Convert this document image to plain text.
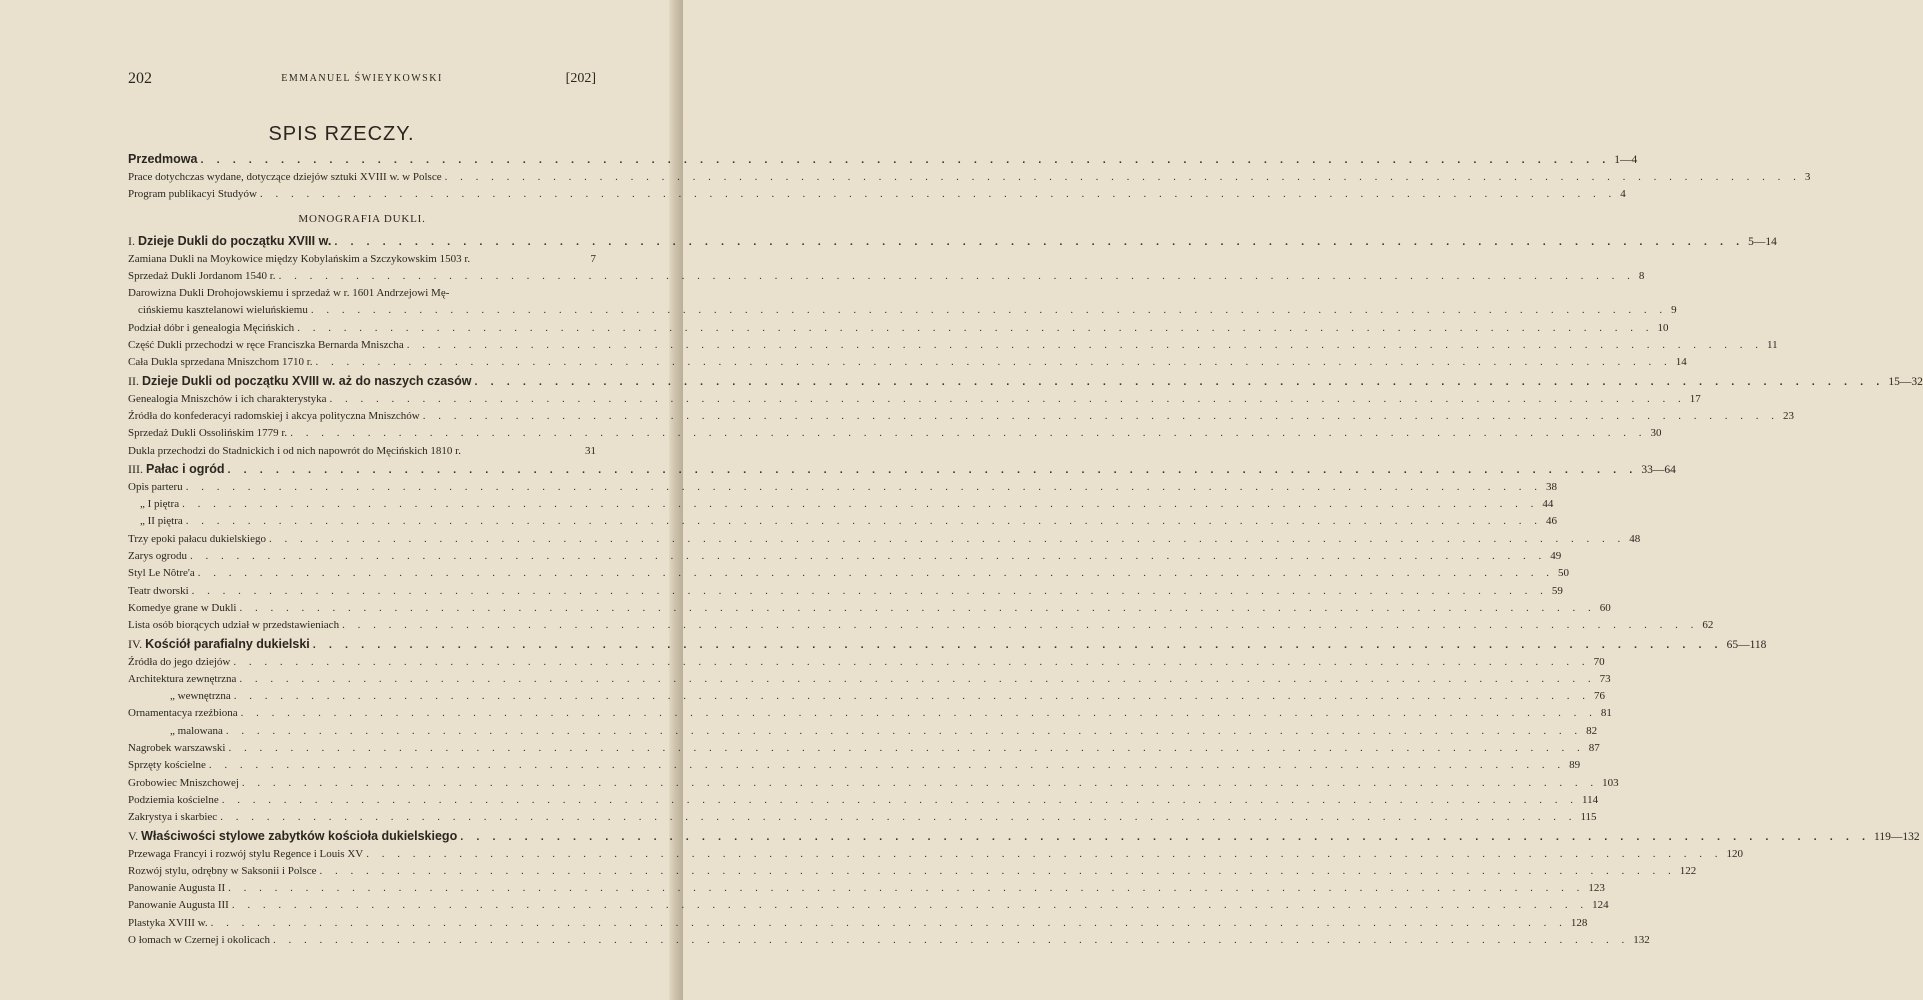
202	EMMANUEL ŚWIEYKOWSKI	[202]
SPIS RZECZY.
Przedmowa . . . . . . . . . . . . . . . . . . . . . . . . . . . . . . . . . . . . . . . . . . . . . . . . . . . . . . . . . . . . . . . . . . . . . . . . . . . . . . . . . . . . . . . . 1—4
Prace dotychczas wydane, dotyczące dziejów sztuki XVIII w. w Polsce . . . . . . . . . . . . . . . . . . . . . . . . . . . . . . . . . . . . . . . . . . . . . . . . . . . . . . . . . . . . . . . . . . . . . . . . . . . . . . . . . . . . . . . . 3
Program publikacyi Studyów . . . . . . . . . . . . . . . . . . . . . . . . . . . . . . . . . . . . . . . . . . . . . . . . . . . . . . . . . . . . . . . . . . . . . . . . . . . . . . . . . . . . . . . . 4
MONOGRAFIA DUKLI.
I. Dzieje Dukli do początku XVIII w. . . . . . . . . . . . . . . . . . . . . . . . . . . . . . . . . . . . . . . . . . . . . . . . . . . . . . . . . . . . . . . . . . . . . . . . . . . . . . . . . . . . . . . . . 5—14
Zamiana Dukli na Moykowice między Kobylańskim a Szczykowskim 1503 r.	7
Sprzedaż Dukli Jordanom 1540 r. . . . . . . . . . . . . . . . . . . . . . . . . . . . . . . . . . . . . . . . . . . . . . . . . . . . . . . . . . . . . . . . . . . . . . . . . . . . . . . . . . . . . . . . . 8
Darowizna Dukli Drohojowskiemu i sprzedaż w r. 1601 Andrzejowi Mę-
cińskiemu kasztelanowi wieluńskiemu . . . . . . . . . . . . . . . . . . . . . . . . . . . . . . . . . . . . . . . . . . . . . . . . . . . . . . . . . . . . . . . . . . . . . . . . . . . . . . . . . . . . . . . . 9
Podział dóbr i genealogia Męcińskich . . . . . . . . . . . . . . . . . . . . . . . . . . . . . . . . . . . . . . . . . . . . . . . . . . . . . . . . . . . . . . . . . . . . . . . . . . . . . . . . . . . . . . . . 10
Część Dukli przechodzi w ręce Franciszka Bernarda Mniszcha . . . . . . . . . . . . . . . . . . . . . . . . . . . . . . . . . . . . . . . . . . . . . . . . . . . . . . . . . . . . . . . . . . . . . . . . . . . . . . . . . . . . . . . . 11
Cała Dukla sprzedana Mniszchom 1710 r. . . . . . . . . . . . . . . . . . . . . . . . . . . . . . . . . . . . . . . . . . . . . . . . . . . . . . . . . . . . . . . . . . . . . . . . . . . . . . . . . . . . . . . . . 14
II. Dzieje Dukli od początku XVIII w. aż do naszych czasów . . . . . . . . . . . . . . . . . . . . . . . . . . . . . . . . . . . . . . . . . . . . . . . . . . . . . . . . . . . . . . . . . . . . . . . . . . . . . . . . . . . . . . . . 15—32
Genealogia Mniszchów i ich charakterystyka . . . . . . . . . . . . . . . . . . . . . . . . . . . . . . . . . . . . . . . . . . . . . . . . . . . . . . . . . . . . . . . . . . . . . . . . . . . . . . . . . . . . . . . . 17
Źródła do konfederacyi radomskiej i akcya polityczna Mniszchów . . . . . . . . . . . . . . . . . . . . . . . . . . . . . . . . . . . . . . . . . . . . . . . . . . . . . . . . . . . . . . . . . . . . . . . . . . . . . . . . . . . . . . . . 23
Sprzedaż Dukli Ossolińskim 1779 r. . . . . . . . . . . . . . . . . . . . . . . . . . . . . . . . . . . . . . . . . . . . . . . . . . . . . . . . . . . . . . . . . . . . . . . . . . . . . . . . . . . . . . . . . 30
Dukla przechodzi do Stadnickich i od nich napowrót do Męcińskich 1810 r.	31
III. Pałac i ogród . . . . . . . . . . . . . . . . . . . . . . . . . . . . . . . . . . . . . . . . . . . . . . . . . . . . . . . . . . . . . . . . . . . . . . . . . . . . . . . . . . . . . . . . 33—64
Opis parteru . . . . . . . . . . . . . . . . . . . . . . . . . . . . . . . . . . . . . . . . . . . . . . . . . . . . . . . . . . . . . . . . . . . . . . . . . . . . . . . . . . . . . . . . 38
„ I piętra . . . . . . . . . . . . . . . . . . . . . . . . . . . . . . . . . . . . . . . . . . . . . . . . . . . . . . . . . . . . . . . . . . . . . . . . . . . . . . . . . . . . . . . . 44
„ II piętra . . . . . . . . . . . . . . . . . . . . . . . . . . . . . . . . . . . . . . . . . . . . . . . . . . . . . . . . . . . . . . . . . . . . . . . . . . . . . . . . . . . . . . . . 46
Trzy epoki pałacu dukielskiego . . . . . . . . . . . . . . . . . . . . . . . . . . . . . . . . . . . . . . . . . . . . . . . . . . . . . . . . . . . . . . . . . . . . . . . . . . . . . . . . . . . . . . . . 48
Zarys ogrodu . . . . . . . . . . . . . . . . . . . . . . . . . . . . . . . . . . . . . . . . . . . . . . . . . . . . . . . . . . . . . . . . . . . . . . . . . . . . . . . . . . . . . . . . 49
Styl Le Nôtre'a . . . . . . . . . . . . . . . . . . . . . . . . . . . . . . . . . . . . . . . . . . . . . . . . . . . . . . . . . . . . . . . . . . . . . . . . . . . . . . . . . . . . . . . . 50
Teatr dworski . . . . . . . . . . . . . . . . . . . . . . . . . . . . . . . . . . . . . . . . . . . . . . . . . . . . . . . . . . . . . . . . . . . . . . . . . . . . . . . . . . . . . . . . 59
Komedye grane w Dukli . . . . . . . . . . . . . . . . . . . . . . . . . . . . . . . . . . . . . . . . . . . . . . . . . . . . . . . . . . . . . . . . . . . . . . . . . . . . . . . . . . . . . . . . 60
Lista osób biorących udział w przedstawieniach . . . . . . . . . . . . . . . . . . . . . . . . . . . . . . . . . . . . . . . . . . . . . . . . . . . . . . . . . . . . . . . . . . . . . . . . . . . . . . . . . . . . . . . . 62
IV. Kościół parafialny dukielski . . . . . . . . . . . . . . . . . . . . . . . . . . . . . . . . . . . . . . . . . . . . . . . . . . . . . . . . . . . . . . . . . . . . . . . . . . . . . . . . . . . . . . . . 65—118
Źródła do jego dziejów . . . . . . . . . . . . . . . . . . . . . . . . . . . . . . . . . . . . . . . . . . . . . . . . . . . . . . . . . . . . . . . . . . . . . . . . . . . . . . . . . . . . . . . . 70
Architektura zewnętrzna . . . . . . . . . . . . . . . . . . . . . . . . . . . . . . . . . . . . . . . . . . . . . . . . . . . . . . . . . . . . . . . . . . . . . . . . . . . . . . . . . . . . . . . . 73
„ wewnętrzna . . . . . . . . . . . . . . . . . . . . . . . . . . . . . . . . . . . . . . . . . . . . . . . . . . . . . . . . . . . . . . . . . . . . . . . . . . . . . . . . . . . . . . . . 76
Ornamentacya rzeźbiona . . . . . . . . . . . . . . . . . . . . . . . . . . . . . . . . . . . . . . . . . . . . . . . . . . . . . . . . . . . . . . . . . . . . . . . . . . . . . . . . . . . . . . . . 81
„ malowana . . . . . . . . . . . . . . . . . . . . . . . . . . . . . . . . . . . . . . . . . . . . . . . . . . . . . . . . . . . . . . . . . . . . . . . . . . . . . . . . . . . . . . . . 82
Nagrobek warszawski . . . . . . . . . . . . . . . . . . . . . . . . . . . . . . . . . . . . . . . . . . . . . . . . . . . . . . . . . . . . . . . . . . . . . . . . . . . . . . . . . . . . . . . . 87
Sprzęty kościelne . . . . . . . . . . . . . . . . . . . . . . . . . . . . . . . . . . . . . . . . . . . . . . . . . . . . . . . . . . . . . . . . . . . . . . . . . . . . . . . . . . . . . . . . 89
Grobowiec Mniszchowej . . . . . . . . . . . . . . . . . . . . . . . . . . . . . . . . . . . . . . . . . . . . . . . . . . . . . . . . . . . . . . . . . . . . . . . . . . . . . . . . . . . . . . . . 103
Podziemia kościelne . . . . . . . . . . . . . . . . . . . . . . . . . . . . . . . . . . . . . . . . . . . . . . . . . . . . . . . . . . . . . . . . . . . . . . . . . . . . . . . . . . . . . . . . 114
Zakrystya i skarbiec . . . . . . . . . . . . . . . . . . . . . . . . . . . . . . . . . . . . . . . . . . . . . . . . . . . . . . . . . . . . . . . . . . . . . . . . . . . . . . . . . . . . . . . . 115
V. Właściwości stylowe zabytków kościoła dukielskiego . . . . . . . . . . . . . . . . . . . . . . . . . . . . . . . . . . . . . . . . . . . . . . . . . . . . . . . . . . . . . . . . . . . . . . . . . . . . . . . . . . . . . . . . 119—132
Przewaga Francyi i rozwój stylu Regence i Louis XV . . . . . . . . . . . . . . . . . . . . . . . . . . . . . . . . . . . . . . . . . . . . . . . . . . . . . . . . . . . . . . . . . . . . . . . . . . . . . . . . . . . . . . . . 120
Rozwój stylu, odrębny w Saksonii i Polsce . . . . . . . . . . . . . . . . . . . . . . . . . . . . . . . . . . . . . . . . . . . . . . . . . . . . . . . . . . . . . . . . . . . . . . . . . . . . . . . . . . . . . . . . 122
Panowanie Augusta II . . . . . . . . . . . . . . . . . . . . . . . . . . . . . . . . . . . . . . . . . . . . . . . . . . . . . . . . . . . . . . . . . . . . . . . . . . . . . . . . . . . . . . . . 123
Panowanie Augusta III . . . . . . . . . . . . . . . . . . . . . . . . . . . . . . . . . . . . . . . . . . . . . . . . . . . . . . . . . . . . . . . . . . . . . . . . . . . . . . . . . . . . . . . . 124
Plastyka XVIII w. . . . . . . . . . . . . . . . . . . . . . . . . . . . . . . . . . . . . . . . . . . . . . . . . . . . . . . . . . . . . . . . . . . . . . . . . . . . . . . . . . . . . . . . . 128
O łomach w Czernej i okolicach . . . . . . . . . . . . . . . . . . . . . . . . . . . . . . . . . . . . . . . . . . . . . . . . . . . . . . . . . . . . . . . . . . . . . . . . . . . . . . . . . . . . . . . . 132
